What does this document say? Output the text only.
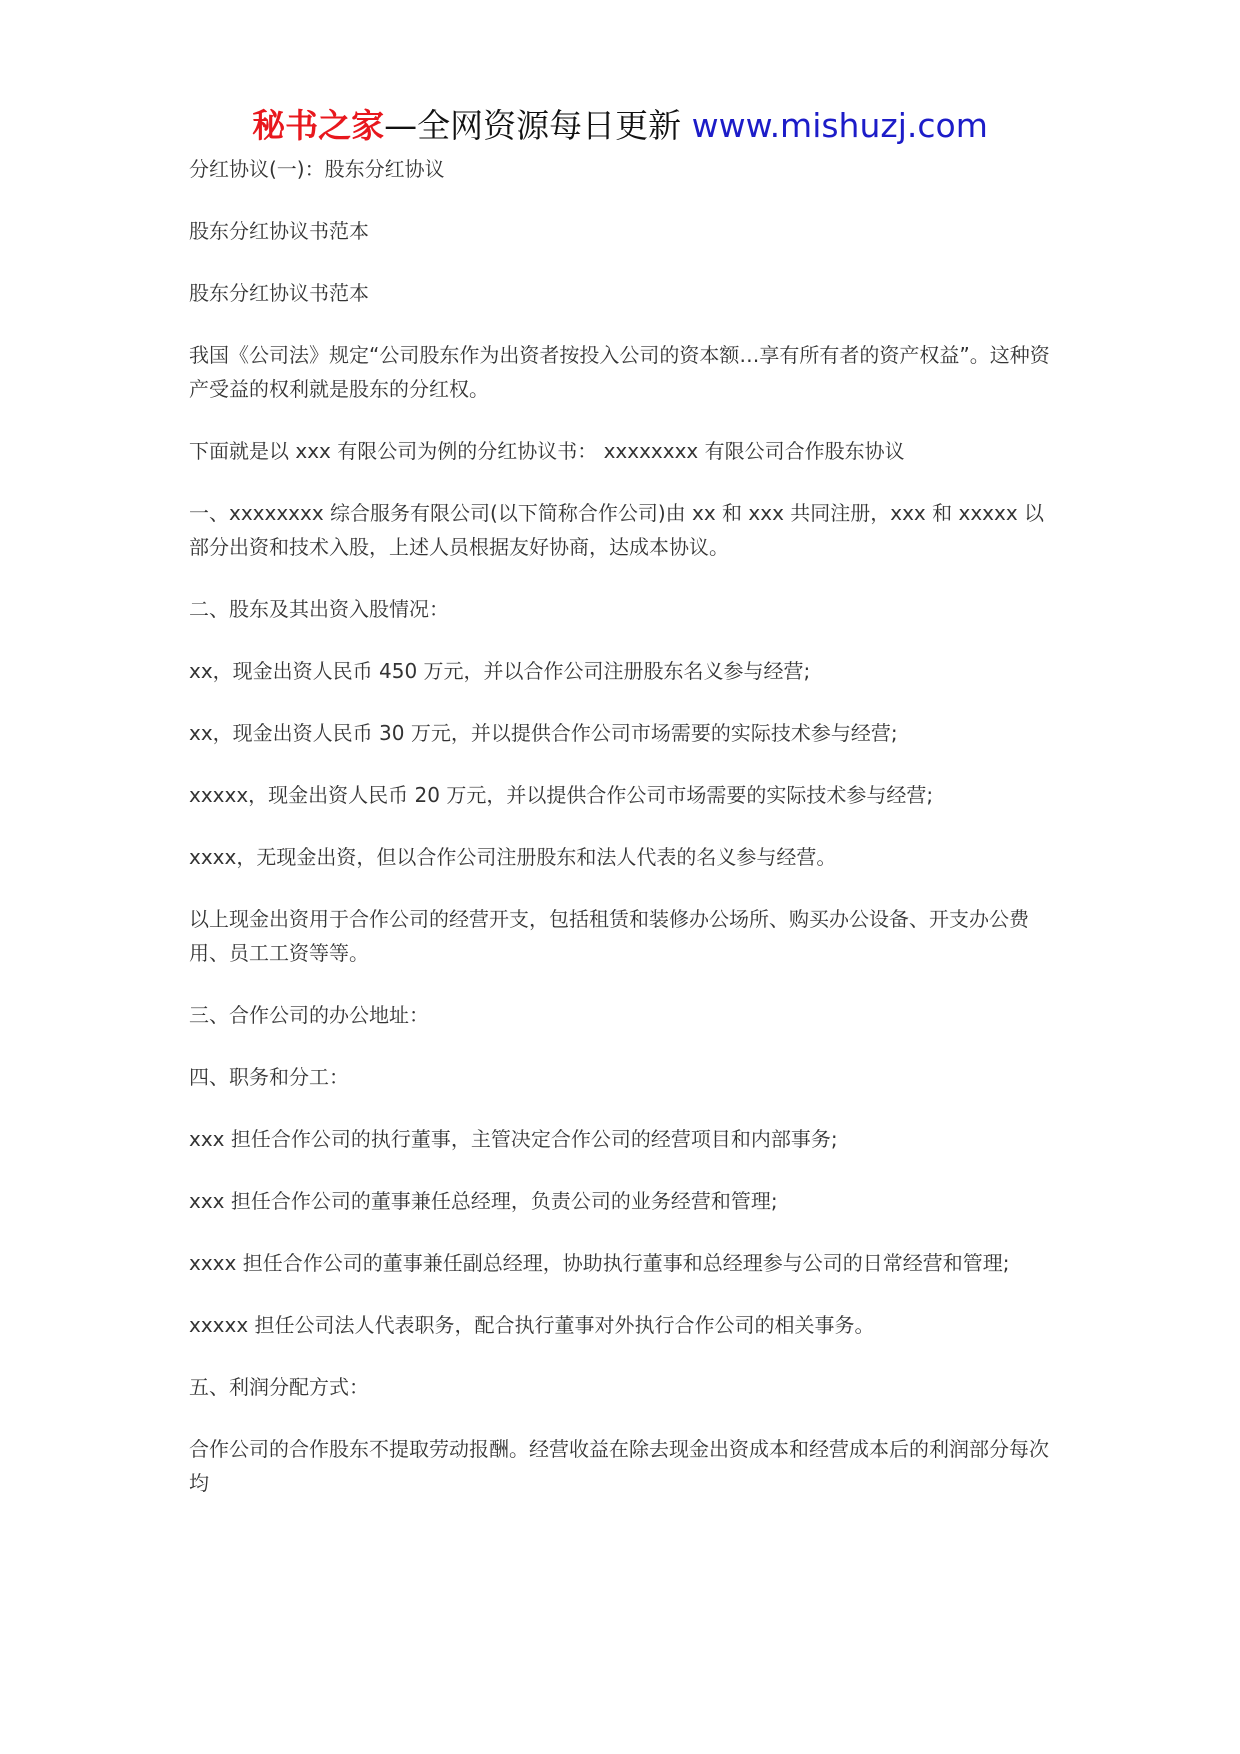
秘书之家—全网资源每日更新 www.mishuzj.com

分红协议(一)：股东分红协议

股东分红协议书范本

股东分红协议书范本

我国《公司法》规定“公司股东作为出资者按投入公司的资本额…享有所有者的资产权益”。这种资产受益的权利就是股东的分红权。

下面就是以 xxx 有限公司为例的分红协议书： xxxxxxxx 有限公司合作股东协议

一、xxxxxxxx 综合服务有限公司(以下简称合作公司)由 xx 和 xxx 共同注册，xxx 和 xxxxx 以部分出资和技术入股，上述人员根据友好协商，达成本协议。

二、股东及其出资入股情况：

xx，现金出资人民币 450 万元，并以合作公司注册股东名义参与经营;

xx，现金出资人民币 30 万元，并以提供合作公司市场需要的实际技术参与经营;

xxxxx，现金出资人民币 20 万元，并以提供合作公司市场需要的实际技术参与经营;

xxxx，无现金出资，但以合作公司注册股东和法人代表的名义参与经营。

以上现金出资用于合作公司的经营开支，包括租赁和装修办公场所、购买办公设备、开支办公费用、员工工资等等。

三、合作公司的办公地址：

四、职务和分工：

xxx 担任合作公司的执行董事，主管决定合作公司的经营项目和内部事务;

xxx 担任合作公司的董事兼任总经理，负责公司的业务经营和管理;

xxxx 担任合作公司的董事兼任副总经理，协助执行董事和总经理参与公司的日常经营和管理;

xxxxx 担任公司法人代表职务，配合执行董事对外执行合作公司的相关事务。

五、利润分配方式：

合作公司的合作股东不提取劳动报酬。经营收益在除去现金出资成本和经营成本后的利润部分每次均
